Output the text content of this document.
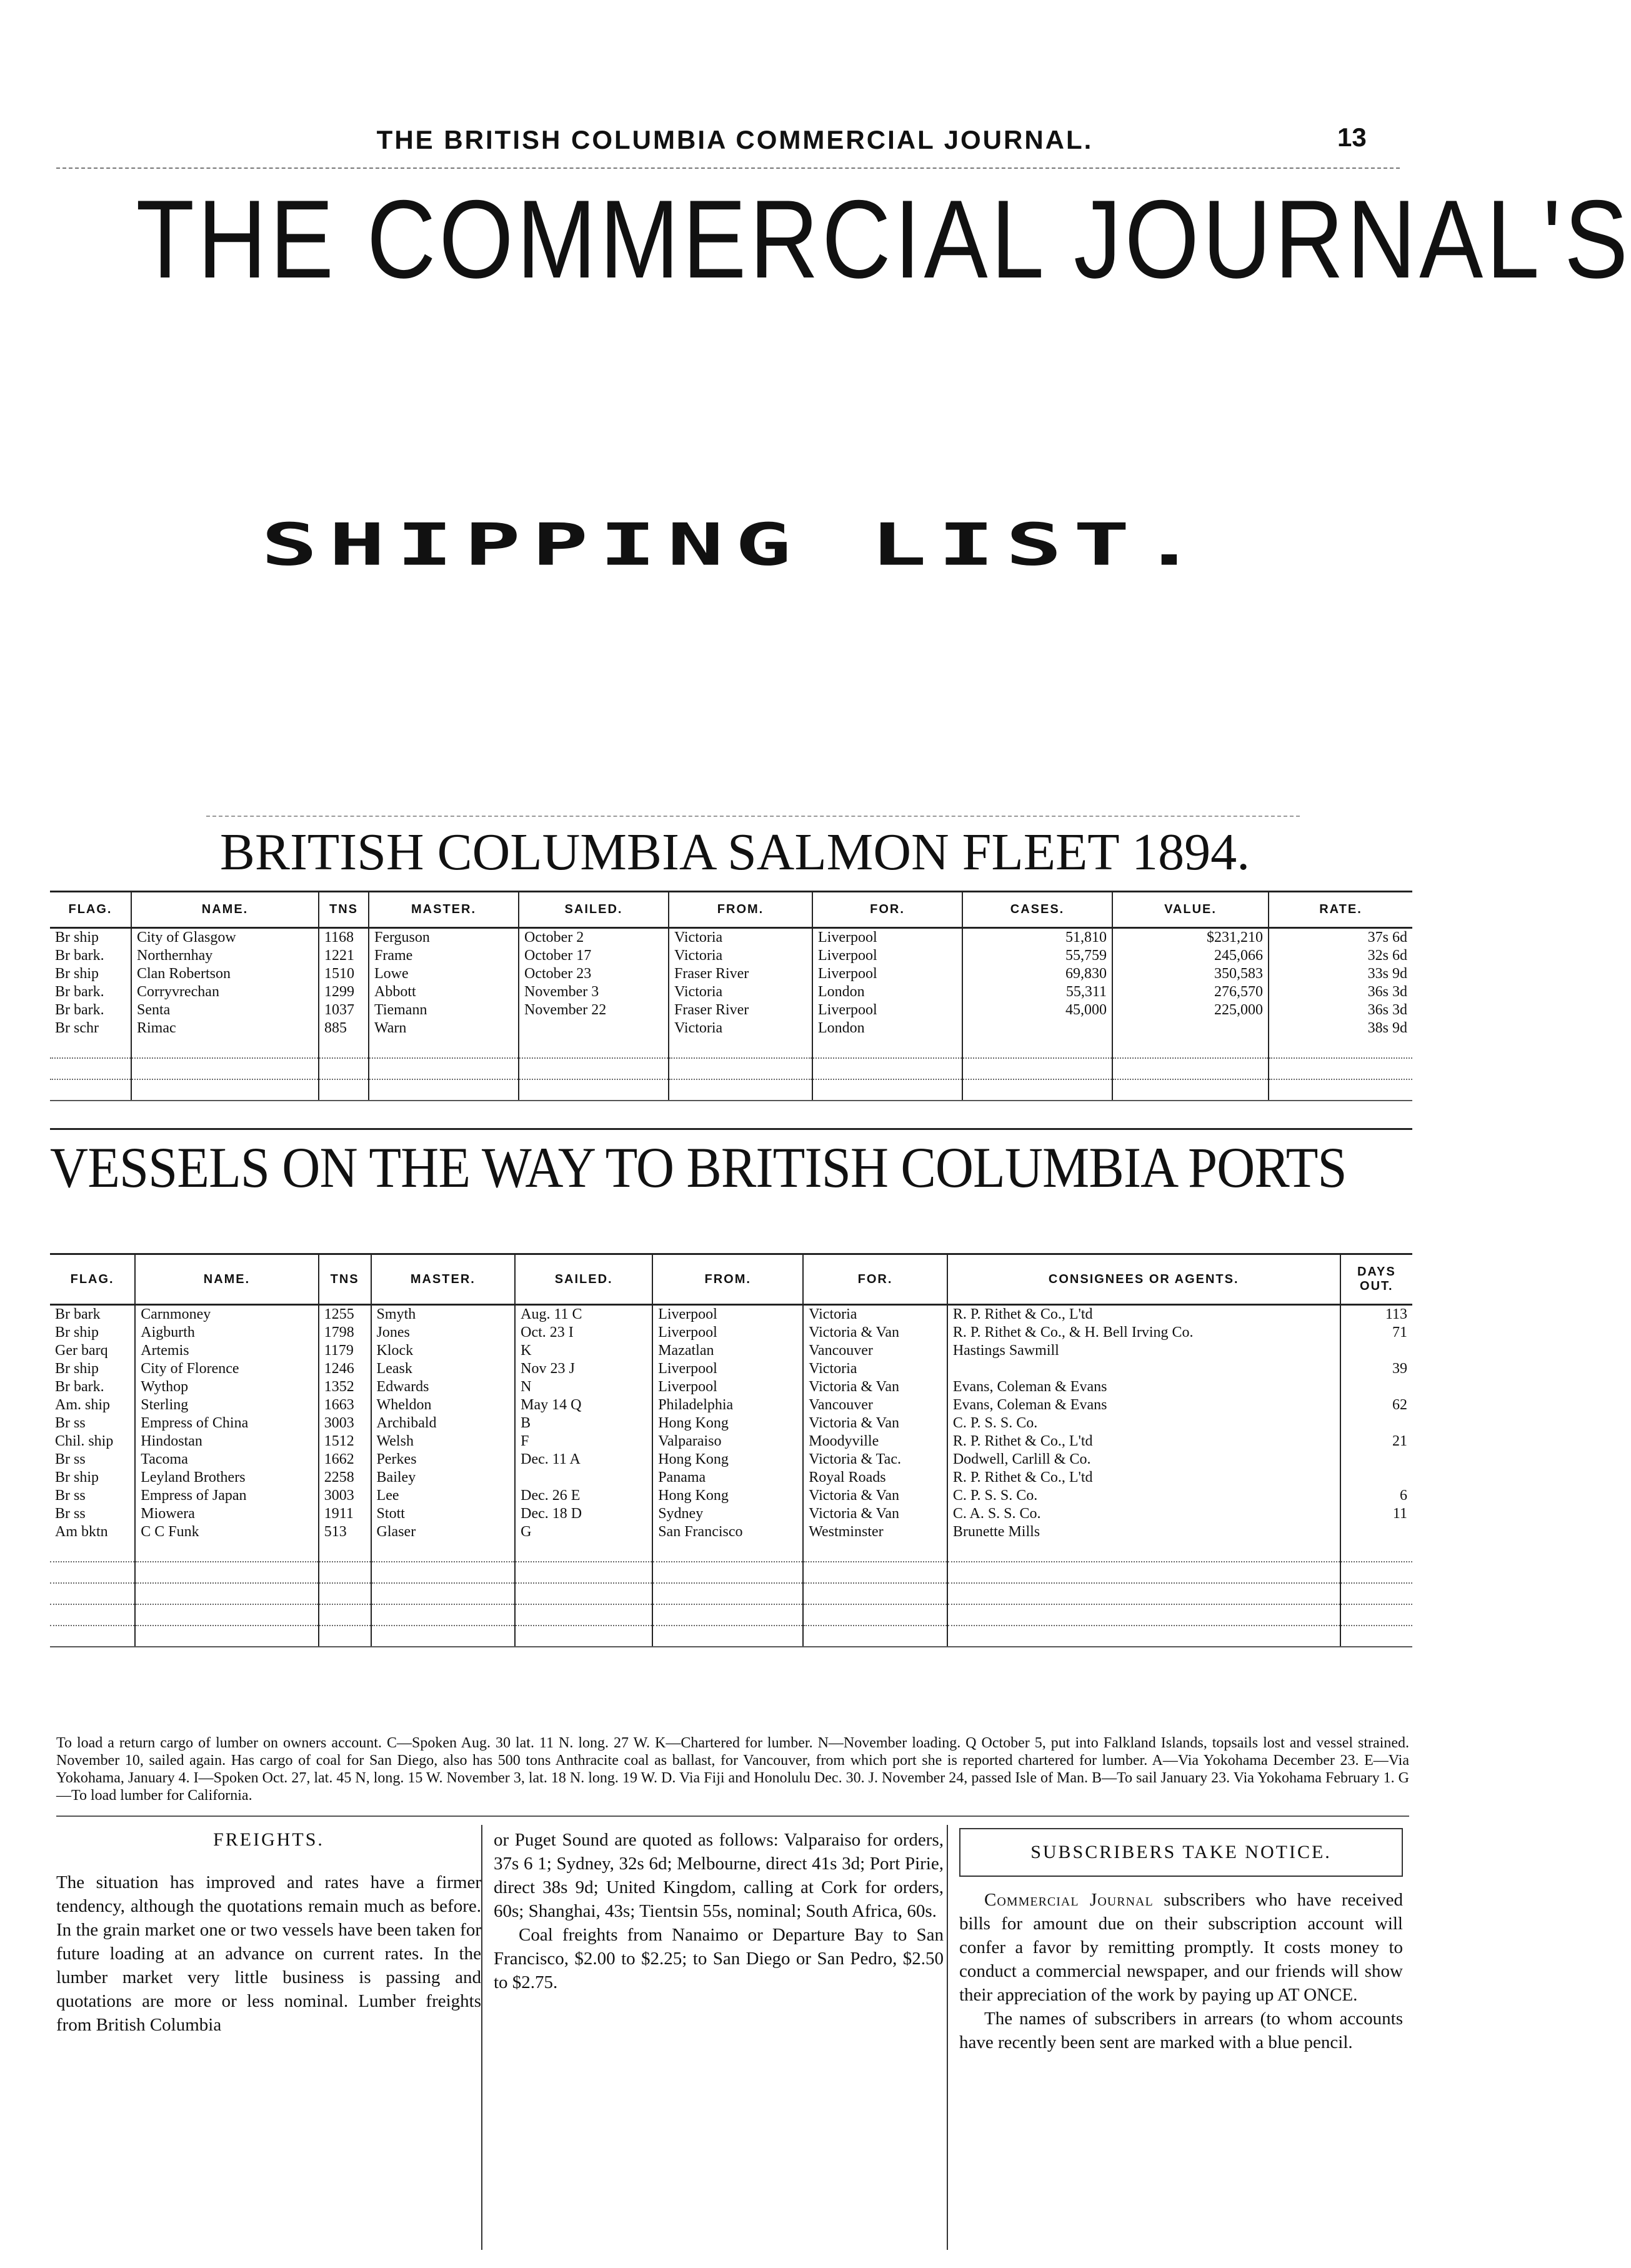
THE BRITISH COLUMBIA COMMERCIAL JOURNAL.	13
THE COMMERCIAL JOURNAL'S
SHIPPING LIST.
BRITISH COLUMBIA SALMON FLEET 1894.
FLAG.	NAME.	TNS	MASTER.	SAILED.	FROM.	FOR.	CASES.	VALUE.	RATE.
Br ship	City of Glasgow	1168	Ferguson	October 2	Victoria	Liverpool	51,810	$231,210	37s 6d
Br bark.	Northernhay	1221	Frame	October 17	Victoria	Liverpool	55,759	245,066	32s 6d
Br ship	Clan Robertson	1510	Lowe	October 23	Fraser River	Liverpool	69,830	350,583	33s 9d
Br bark.	Corryvrechan	1299	Abbott	November 3	Victoria	London	55,311	276,570	36s 3d
Br bark.	Senta	1037	Tiemann	November 22	Fraser River	Liverpool	45,000	225,000	36s 3d
Br schr	Rimac	885	Warn		Victoria	London			38s 9d

VESSELS ON THE WAY TO BRITISH COLUMBIA PORTS
FLAG.	NAME.	TNS	MASTER.	SAILED.	FROM.	FOR.	CONSIGNEES OR AGENTS.	DAYS OUT.
Br bark	Carnmoney	1255	Smyth	Aug. 11 C	Liverpool	Victoria	R. P. Rithet & Co., L'td	113
Br ship	Aigburth	1798	Jones	Oct. 23 I	Liverpool	Victoria & Van	R. P. Rithet & Co., & H. Bell Irving Co.	71
Ger barq	Artemis	1179	Klock	K	Mazatlan	Vancouver	Hastings Sawmill	
Br ship	City of Florence	1246	Leask	Nov 23 J	Liverpool	Victoria		39
Br bark.	Wythop	1352	Edwards	N	Liverpool	Victoria & Van	Evans, Coleman & Evans	
Am. ship	Sterling	1663	Wheldon	May 14 Q	Philadelphia	Vancouver	Evans, Coleman & Evans	62
Br ss	Empress of China	3003	Archibald	B	Hong Kong	Victoria & Van	C. P. S. S. Co.	
Chil. ship	Hindostan	1512	Welsh	F	Valparaiso	Moodyville	R. P. Rithet & Co., L'td	21
Br ss	Tacoma	1662	Perkes	Dec. 11 A	Hong Kong	Victoria & Tac.	Dodwell, Carlill & Co.	
Br ship	Leyland Brothers	2258	Bailey		Panama	Royal Roads	R. P. Rithet & Co., L'td	
Br ss	Empress of Japan	3003	Lee	Dec. 26 E	Hong Kong	Victoria & Van	C. P. S. S. Co.	6
Br ss	Miowera	1911	Stott	Dec. 18 D	Sydney	Victoria & Van	C. A. S. S. Co.	11
Am bktn	C C Funk	513	Glaser	G	San Francisco	Westminster	Brunette Mills	

To load a return cargo of lumber on owners account. C—Spoken Aug. 30 lat. 11 N. long. 27 W. K—Chartered for lumber. N—November loading. Q October 5, put into Falkland Islands, topsails lost and vessel strained. November 10, sailed again. Has cargo of coal for San Diego, also has 500 tons Anthracite coal as ballast, for Vancouver, from which port she is reported chartered for lumber. A—Via Yokohama December 23. E—Via Yokohama, January 4. I—Spoken Oct. 27, lat. 45 N, long. 15 W. November 3, lat. 18 N. long. 19 W. D. Via Fiji and Honolulu Dec. 30. J. November 24, passed Isle of Man. B—To sail January 23. Via Yokohama February 1. G—To load lumber for California.
FREIGHTS.
The situation has improved and rates have a firmer tendency, although the quotations remain much as before. In the grain market one or two vessels have been taken for future loading at an advance on current rates. In the lumber market very little business is passing and quotations are more or less nominal. Lumber freights from British Columbia
or Puget Sound are quoted as follows: Valparaiso for orders, 37s 6 1; Sydney, 32s 6d; Melbourne, direct 41s 3d; Port Pirie, direct 38s 9d; United Kingdom, calling at Cork for orders, 60s; Shanghai, 43s; Tientsin 55s, nominal; South Africa, 60s.
Coal freights from Nanaimo or Departure Bay to San Francisco, $2.00 to $2.25; to San Diego or San Pedro, $2.50 to $2.75.
SUBSCRIBERS TAKE NOTICE.
Commercial Journal subscribers who have received bills for amount due on their subscription account will confer a favor by remitting promptly. It costs money to conduct a commercial newspaper, and our friends will show their appreciation of the work by paying up AT ONCE.
The names of subscribers in arrears (to whom accounts have recently been sent are marked with a blue pencil.
